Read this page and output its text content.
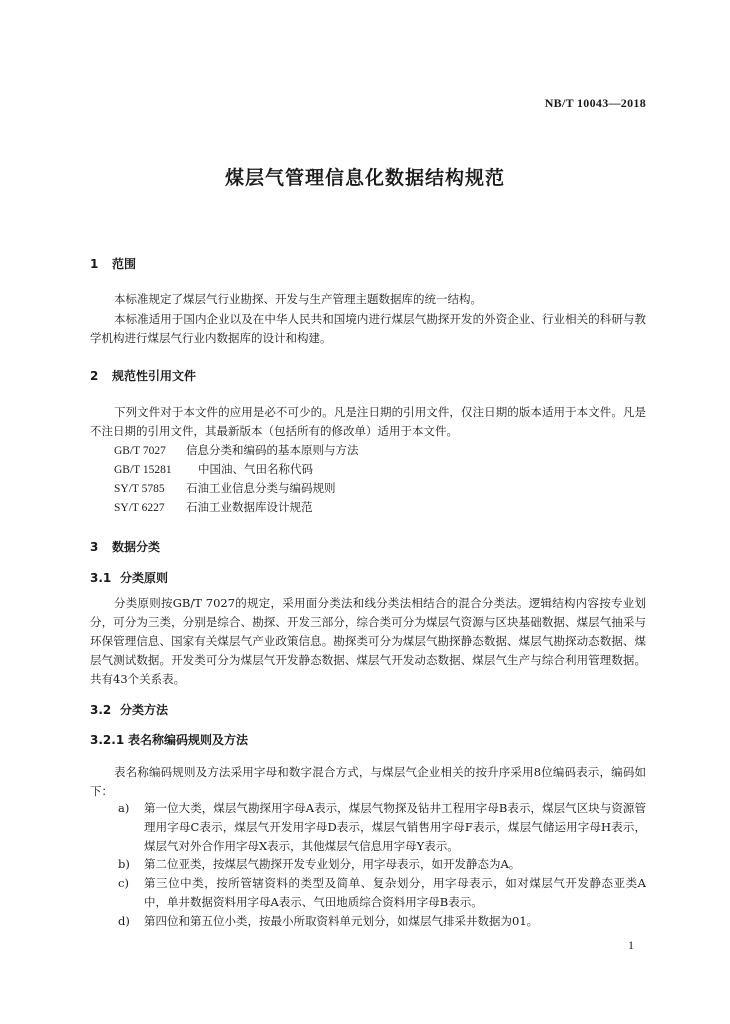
NB/T 10043—2018
煤层气管理信息化数据结构规范
1 范围

本标准规定了煤层气行业勘探、开发与生产管理主题数据库的统一结构。

本标准适用于国内企业以及在中华人民共和国境内进行煤层气勘探开发的外资企业、行业相关的科研与教学机构进行煤层气行业内数据库的设计和构建。

2 规范性引用文件

下列文件对于本文件的应用是必不可少的。凡是注日期的引用文件，仅注日期的版本适用于本文件。凡是不注日期的引用文件，其最新版本（包括所有的修改单）适用于本文件。

GB/T 7027 信息分类和编码的基本原则与方法
GB/T 15281 中国油、气田名称代码
SY/T 5785 石油工业信息分类与编码规则
SY/T 6227 石油工业数据库设计规范
3 数据分类
3.1 分类原则

分类原则按GB/T 7027的规定，采用面分类法和线分类法相结合的混合分类法。逻辑结构内容按专业划分，可分为三类，分别是综合、勘探、开发三部分，综合类可分为煤层气资源与区块基础数据、煤层气抽采与环保管理信息、国家有关煤层气产业政策信息。勘探类可分为煤层气勘探静态数据、煤层气勘探动态数据、煤层气测试数据。开发类可分为煤层气开发静态数据、煤层气开发动态数据、煤层气生产与综合利用管理数据。共有43个关系表。

3.2 分类方法
3.2.1 表名称编码规则及方法

表名称编码规则及方法采用字母和数字混合方式，与煤层气企业相关的按升序采用8位编码表示，编码如下：

a) 第一位大类，煤层气勘探用字母A表示，煤层气物探及钻井工程用字母B表示，煤层气区块与资源管理用字母C表示，煤层气开发用字母D表示，煤层气销售用字母F表示，煤层气储运用字母H表示，煤层气对外合作用字母X表示，其他煤层气信息用字母Y表示。
b) 第二位亚类，按煤层气勘探开发专业划分，用字母表示，如开发静态为A。
c) 第三位中类，按所管辖资料的类型及简单、复杂划分，用字母表示，如对煤层气开发静态亚类A中，单井数据资料用字母A表示、气田地质综合资料用字母B表示。
d) 第四位和第五位小类，按最小所取资料单元划分，如煤层气排采井数据为01。
1
